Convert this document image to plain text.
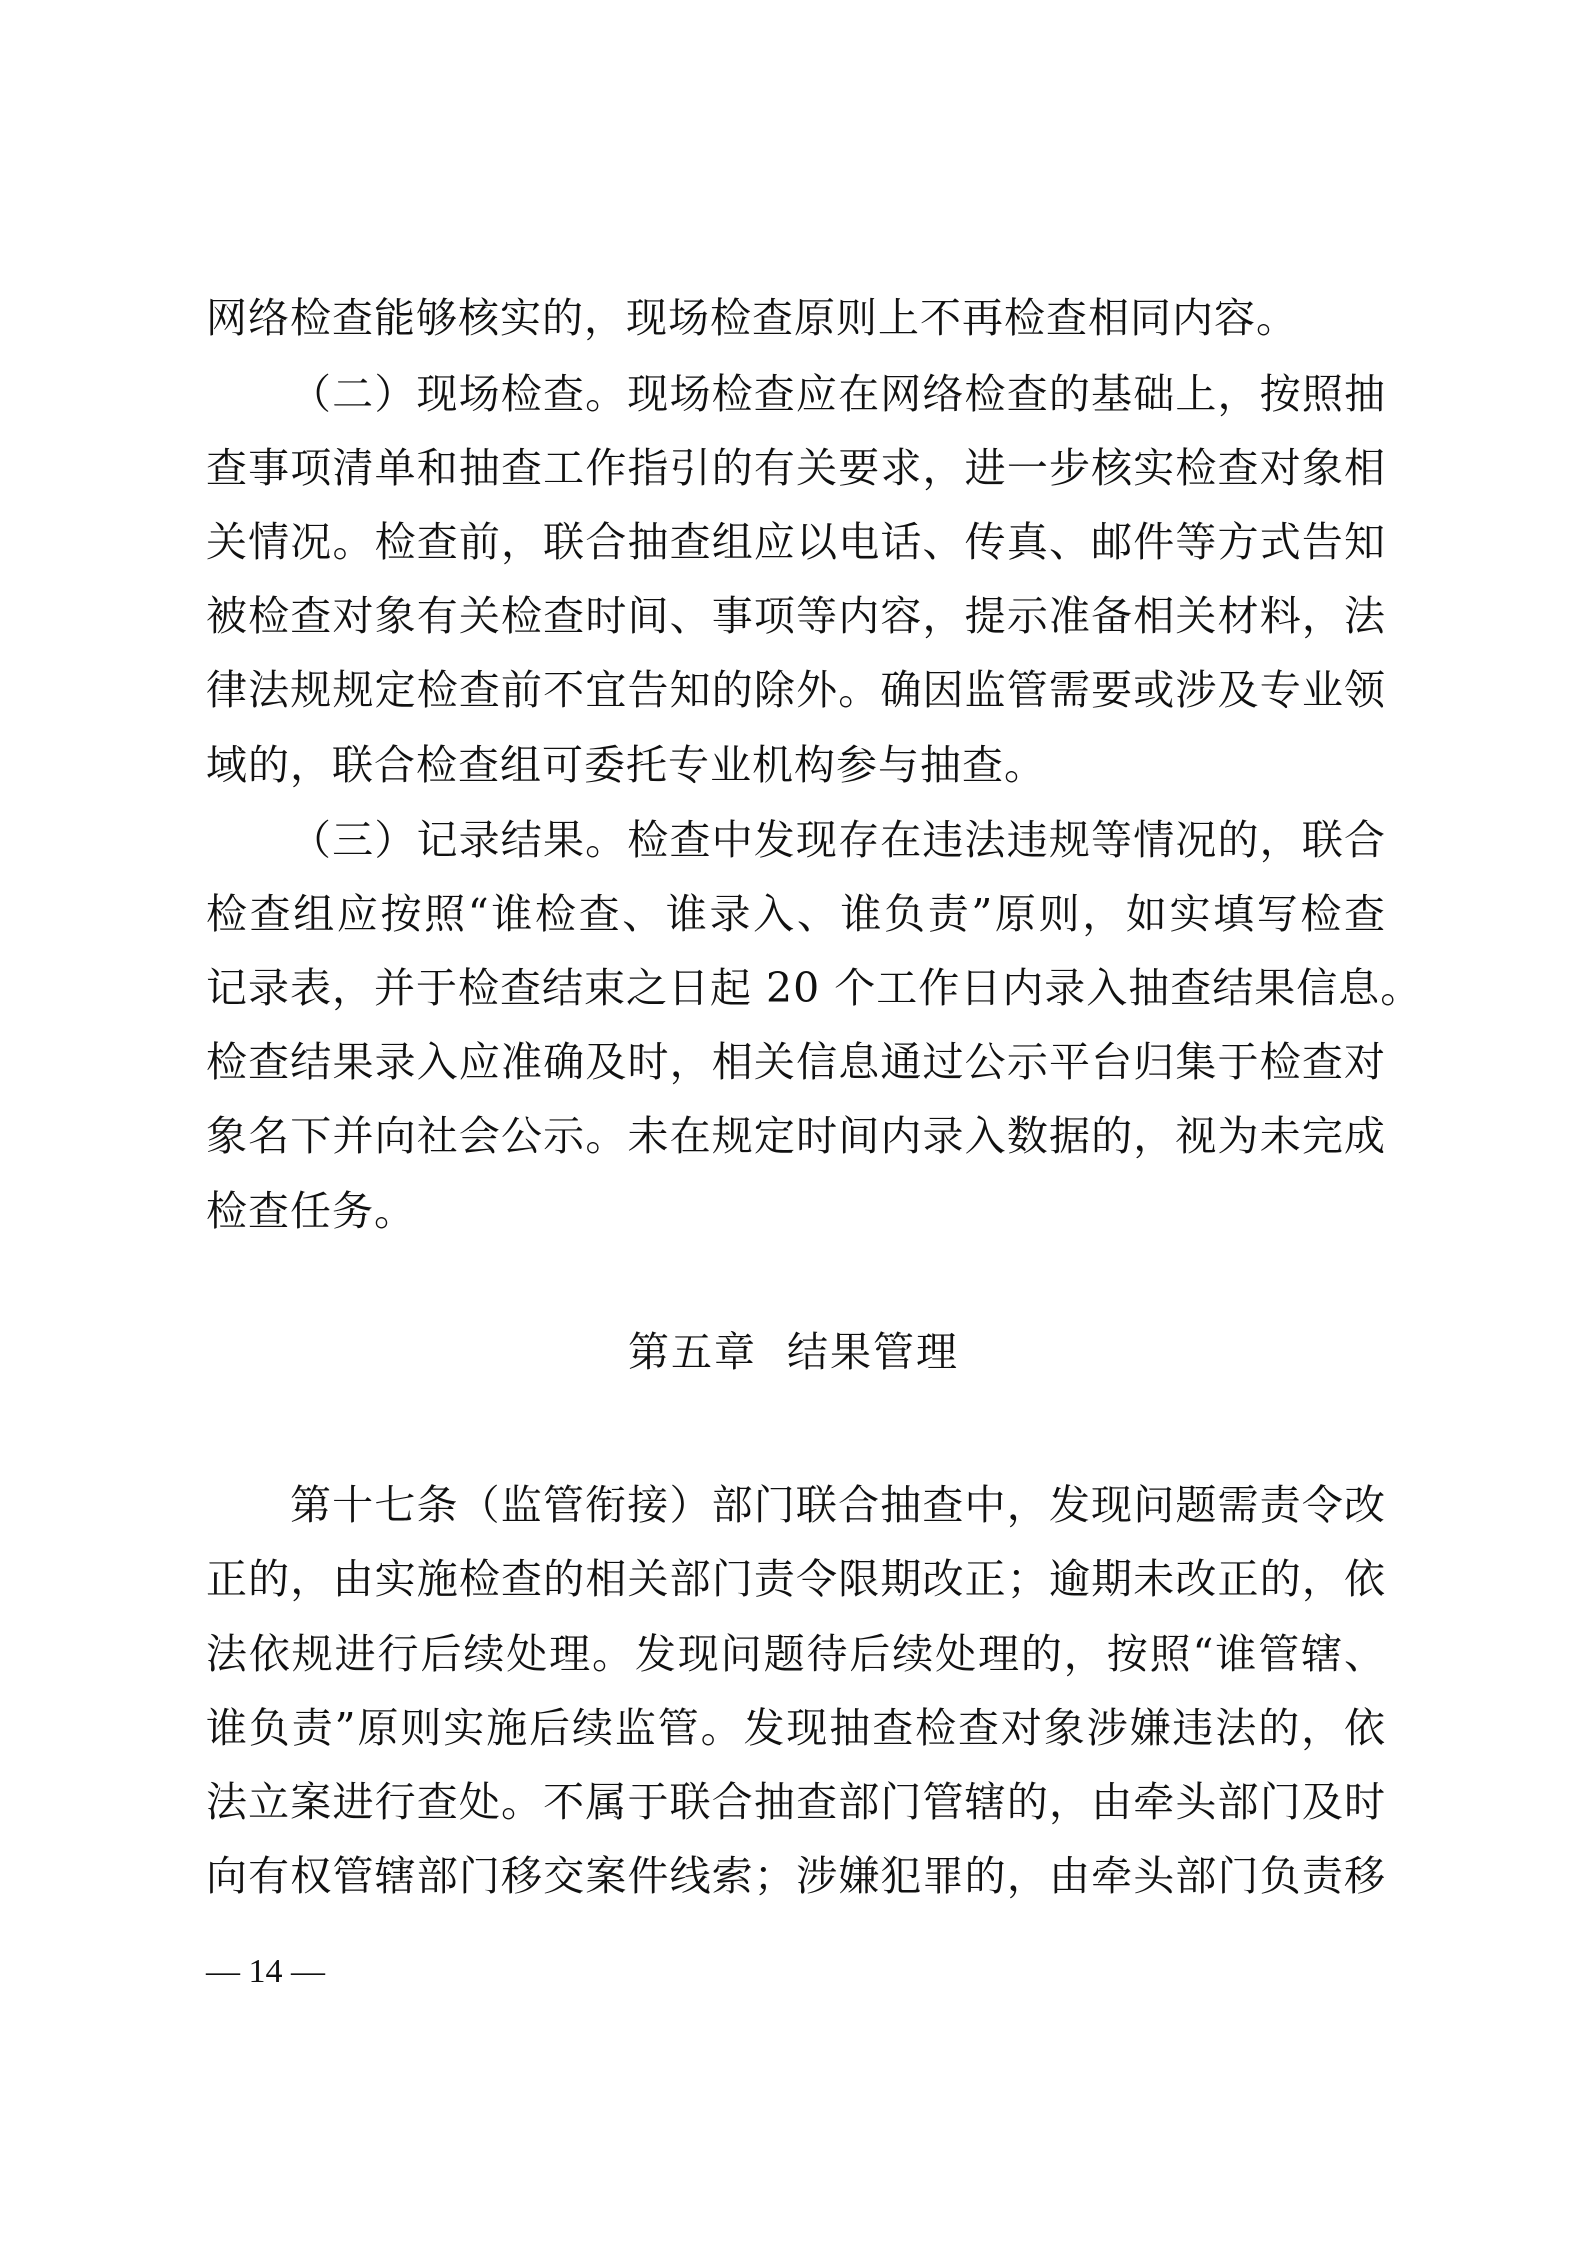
网络检查能够核实的，现场检查原则上不再检查相同内容。
（二）现场检查。现场检查应在网络检查的基础上，按照抽
查事项清单和抽查工作指引的有关要求，进一步核实检查对象相
关情况。检查前，联合抽查组应以电话、传真、邮件等方式告知
被检查对象有关检查时间、事项等内容，提示准备相关材料，法
律法规规定检查前不宜告知的除外。确因监管需要或涉及专业领
域的，联合检查组可委托专业机构参与抽查。
（三）记录结果。检查中发现存在违法违规等情况的，联合
检查组应按照“谁检查、谁录入、谁负责”原则，如实填写检查
记录表，并于检查结束之日起 20 个工作日内录入抽查结果信息。
检查结果录入应准确及时，相关信息通过公示平台归集于检查对
象名下并向社会公示。未在规定时间内录入数据的，视为未完成
检查任务。
第五章  结果管理
第十七条（监管衔接）部门联合抽查中，发现问题需责令改
正的，由实施检查的相关部门责令限期改正；逾期未改正的，依
法依规进行后续处理。发现问题待后续处理的，按照“谁管辖、
谁负责”原则实施后续监管。发现抽查检查对象涉嫌违法的，依
法立案进行查处。不属于联合抽查部门管辖的，由牵头部门及时
向有权管辖部门移交案件线索；涉嫌犯罪的，由牵头部门负责移
— 14 —
